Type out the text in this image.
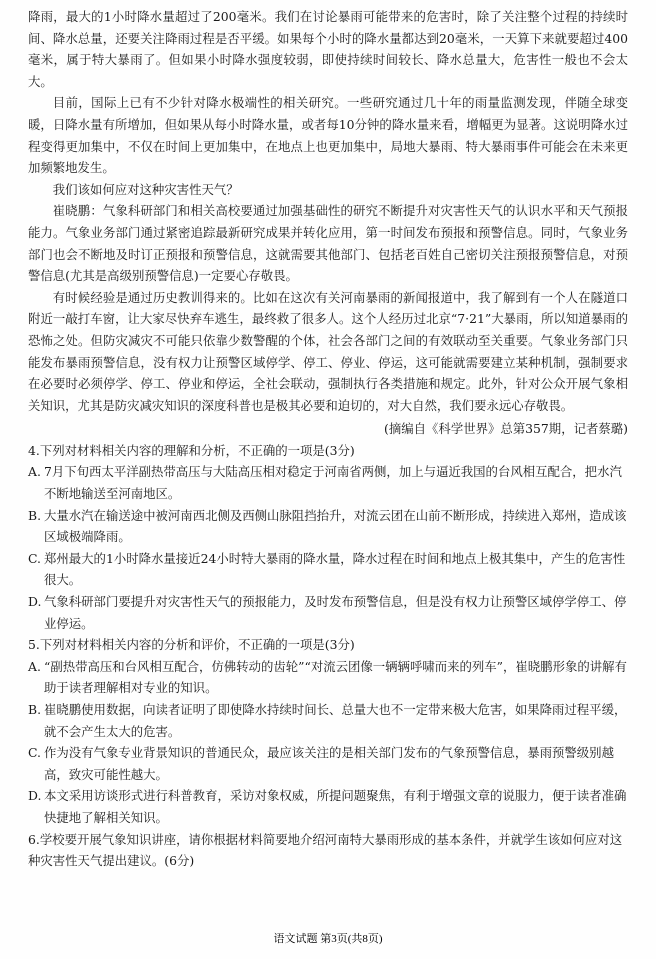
降雨，最大的1小时降水量超过了200毫米。我们在讨论暴雨可能带来的危害时，除了关注整个过程的持续时间、降水总量，还要关注降雨过程是否平缓。如果每个小时的降水量都达到20毫米，一天算下来就要超过400毫米，属于特大暴雨了。但如果小时降水强度较弱，即使持续时间较长、降水总量大，危害性一般也不会太大。

目前，国际上已有不少针对降水极端性的相关研究。一些研究通过几十年的雨量监测发现，伴随全球变暖，日降水量有所增加，但如果从每小时降水量，或者每10分钟的降水量来看，增幅更为显著。这说明降水过程变得更加集中，不仅在时间上更加集中，在地点上也更加集中，局地大暴雨、特大暴雨事件可能会在未来更加频繁地发生。

我们该如何应对这种灾害性天气？

崔晓鹏：气象科研部门和相关高校要通过加强基础性的研究不断提升对灾害性天气的认识水平和天气预报能力。气象业务部门通过紧密追踪最新研究成果并转化应用，第一时间发布预报和预警信息。同时，气象业务部门也会不断地及时订正预报和预警信息，这就需要其他部门、包括老百姓自己密切关注预报预警信息，对预警信息(尤其是高级别预警信息)一定要心存敬畏。

有时候经验是通过历史教训得来的。比如在这次有关河南暴雨的新闻报道中，我了解到有一个人在隧道口附近一敲打车窗，让大家尽快弃车逃生，最终救了很多人。这个人经历过北京“7·21”大暴雨，所以知道暴雨的恐怖之处。但防灾减灾不可能只依靠少数警醒的个体，社会各部门之间的有效联动至关重要。气象业务部门只能发布暴雨预警信息，没有权力让预警区域停学、停工、停业、停运，这可能就需要建立某种机制，强制要求在必要时必须停学、停工、停业和停运，全社会联动，强制执行各类措施和规定。此外，针对公众开展气象相关知识，尤其是防灾减灾知识的深度科普也是极其必要和迫切的，对大自然，我们要永远心存敬畏。

(摘编自《科学世界》总第357期，记者蔡璐)

4.下列对材料相关内容的理解和分析，不正确的一项是(3分)

A. 7月下旬西太平洋副热带高压与大陆高压相对稳定于河南省两侧，加上与逼近我国的台风相互配合，把水汽不断地输送至河南地区。

B. 大量水汽在输送途中被河南西北侧及西侧山脉阻挡抬升，对流云团在山前不断形成，持续进入郑州，造成该区域极端降雨。

C. 郑州最大的1小时降水量接近24小时特大暴雨的降水量，降水过程在时间和地点上极其集中，产生的危害性很大。

D. 气象科研部门要提升对灾害性天气的预报能力，及时发布预警信息，但是没有权力让预警区域停学停工、停业停运。

5.下列对材料相关内容的分析和评价，不正确的一项是(3分)

A. “副热带高压和台风相互配合，仿佛转动的齿轮”“对流云团像一辆辆呼啸而来的列车”，崔晓鹏形象的讲解有助于读者理解相对专业的知识。

B. 崔晓鹏使用数据，向读者证明了即使降水持续时间长、总量大也不一定带来极大危害，如果降雨过程平缓，就不会产生太大的危害。

C. 作为没有气象专业背景知识的普通民众，最应该关注的是相关部门发布的气象预警信息，暴雨预警级别越高，致灾可能性越大。

D. 本文采用访谈形式进行科普教育，采访对象权威，所提问题聚焦，有利于增强文章的说服力，便于读者准确快捷地了解相关知识。

6.学校要开展气象知识讲座，请你根据材料简要地介绍河南特大暴雨形成的基本条件，并就学生该如何应对这种灾害性天气提出建议。(6分)

语文试题 第3页(共8页)
